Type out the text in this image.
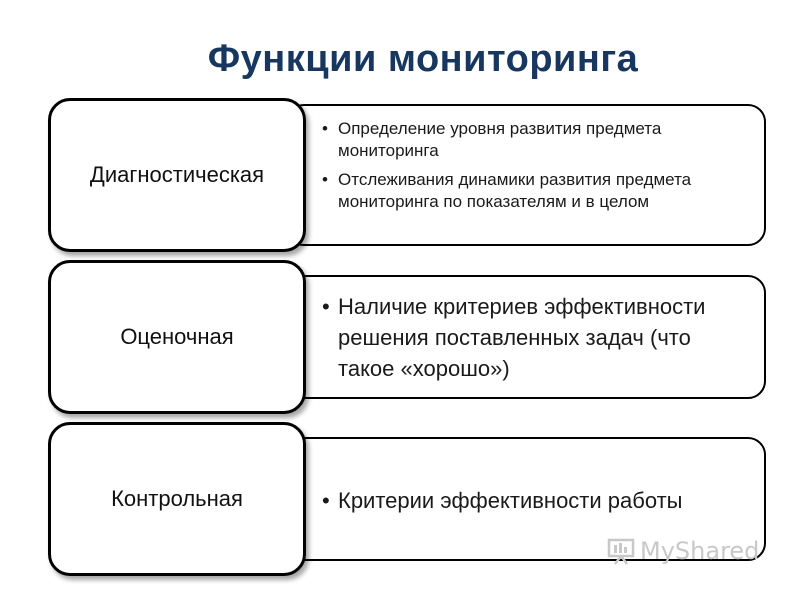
Функции мониторинга
• Определение уровня развития предмета мониторинга
• Отслеживания динамики развития предмета мониторинга по показателям и в целом
Диагностическая
• Наличие критериев эффективности решения поставленных задач (что такое «хорошо»)
Оценочная
• Критерии эффективности работы
Контрольная
MyShared
